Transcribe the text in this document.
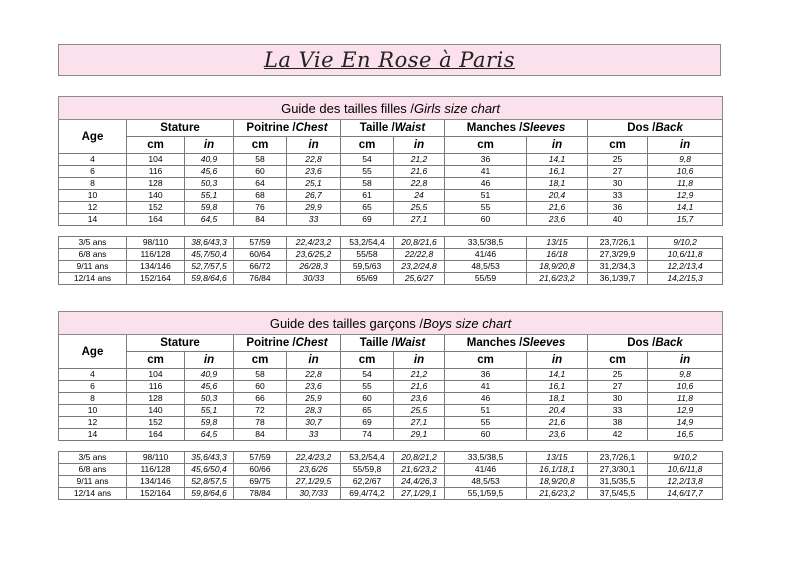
La Vie En Rose à Paris
Guide des tailles filles /Girls size chart										
Age	Stature		Poitrine /Chest		Taille /Waist		Manches /Sleeves		Dos /Back	
	cm	in	cm	in	cm	in	cm	in	cm	in
4	104	40,9	58	22,8	54	21,2	36	14,1	25	9,8
6	116	45,6	60	23,6	55	21,6	41	16,1	27	10,6
8	128	50,3	64	25,1	58	22,8	46	18,1	30	11,8
10	140	55,1	68	26,7	61	24	51	20,4	33	12,9
12	152	59,8	76	29,9	65	25,5	55	21,6	36	14,1
14	164	64,5	84	33	69	27,1	60	23,6	40	15,7

3/5 ans	98/110	38,6/43,3	57/59	22,4/23,2	53,2/54,4	20,8/21,6	33,5/38,5	13/15	23,7/26,1	9/10,2
6/8 ans	116/128	45,7/50,4	60/64	23,6/25,2	55/58	22/22,8	41/46	16/18	27,3/29,9	10,6/11,8
9/11 ans	134/146	52,7/57,5	66/72	26/28,3	59,5/63	23,2/24,8	48,5/53	18,9/20,8	31,2/34,3	12,2/13,4
12/14 ans	152/164	59,8/64,6	76/84	30/33	65/69	25,6/27	55/59	21,6/23,2	36,1/39,7	14,2/15,3
Guide des tailles garçons /Boys size chart										
Age	Stature		Poitrine /Chest		Taille /Waist		Manches /Sleeves		Dos /Back	
	cm	in	cm	in	cm	in	cm	in	cm	in
4	104	40,9	58	22,8	54	21,2	36	14,1	25	9,8
6	116	45,6	60	23,6	55	21,6	41	16,1	27	10,6
8	128	50,3	66	25,9	60	23,6	46	18,1	30	11,8
10	140	55,1	72	28,3	65	25,5	51	20,4	33	12,9
12	152	59,8	78	30,7	69	27,1	55	21,6	38	14,9
14	164	64,5	84	33	74	29,1	60	23,6	42	16,5

3/5 ans	98/110	35,6/43,3	57/59	22,4/23,2	53,2/54,4	20,8/21,2	33,5/38,5	13/15	23,7/26,1	9/10,2
6/8 ans	116/128	45,6/50,4	60/66	23,6/26	55/59,8	21,6/23,2	41/46	16,1/18,1	27,3/30,1	10,6/11,8
9/11 ans	134/146	52,8/57,5	69/75	27,1/29,5	62,2/67	24,4/26,3	48,5/53	18,9/20,8	31,5/35,5	12,2/13,8
12/14 ans	152/164	59,8/64,6	78/84	30,7/33	69,4/74,2	27,1/29,1	55,1/59,5	21,6/23,2	37,5/45,5	14,6/17,7
